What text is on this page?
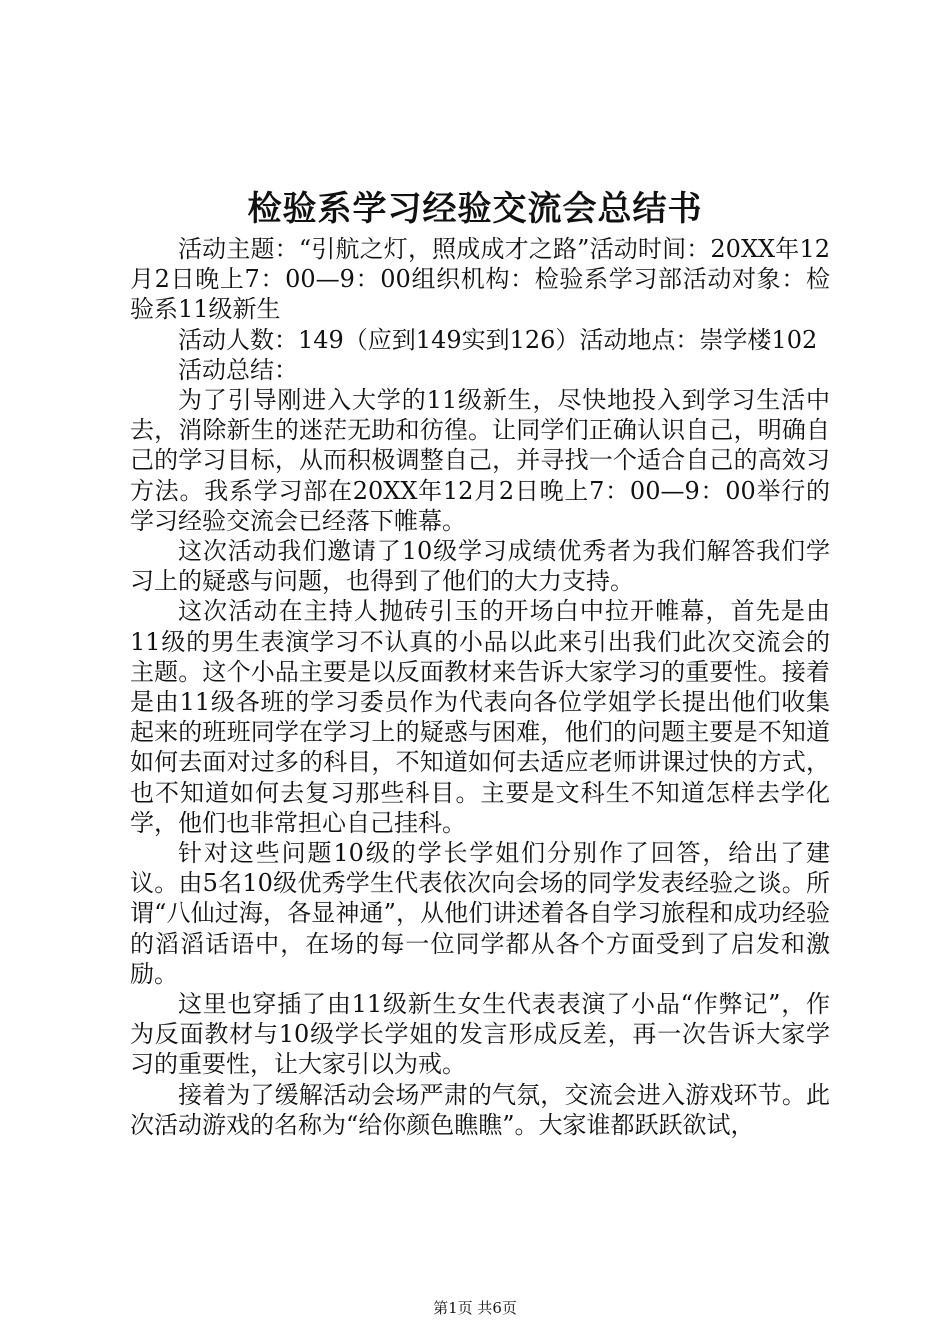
检验系学习经验交流会总结书

活动主题：“引航之灯，照成成才之路”活动时间：20XX年12月2日晚上7：00—9：00组织机构：检验系学习部活动对象：检验系11级新生

活动人数：149（应到149实到126）活动地点：崇学楼102

活动总结：

为了引导刚进入大学的11级新生，尽快地投入到学习生活中去，消除新生的迷茫无助和彷徨。让同学们正确认识自己，明确自己的学习目标，从而积极调整自己，并寻找一个适合自己的高效习方法。我系学习部在20XX年12月2日晚上7：00—9：00举行的学习经验交流会已经落下帷幕。

这次活动我们邀请了10级学习成绩优秀者为我们解答我们学习上的疑惑与问题，也得到了他们的大力支持。

这次活动在主持人抛砖引玉的开场白中拉开帷幕，首先是由11级的男生表演学习不认真的小品以此来引出我们此次交流会的主题。这个小品主要是以反面教材来告诉大家学习的重要性。接着是由11级各班的学习委员作为代表向各位学姐学长提出他们收集起来的班班同学在学习上的疑惑与困难，他们的问题主要是不知道如何去面对过多的科目，不知道如何去适应老师讲课过快的方式，也不知道如何去复习那些科目。主要是文科生不知道怎样去学化学，他们也非常担心自己挂科。

针对这些问题10级的学长学姐们分别作了回答，给出了建议。由5名10级优秀学生代表依次向会场的同学发表经验之谈。所谓“八仙过海，各显神通”，从他们讲述着各自学习旅程和成功经验的滔滔话语中，在场的每一位同学都从各个方面受到了启发和激励。

这里也穿插了由11级新生女生代表表演了小品“作弊记”，作为反面教材与10级学长学姐的发言形成反差，再一次告诉大家学习的重要性，让大家引以为戒。

接着为了缓解活动会场严肃的气氛，交流会进入游戏环节。此次活动游戏的名称为“给你颜色瞧瞧”。大家谁都跃跃欲试，

第1页 共6页
